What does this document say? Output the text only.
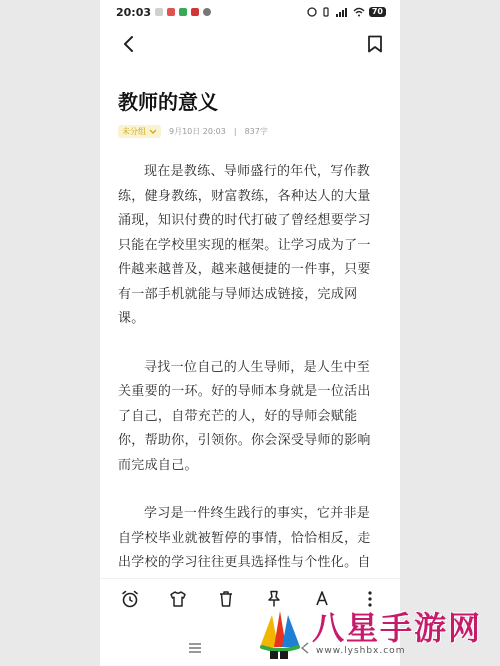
20:03	70
教师的意义
未分组	9月10日 20:03 | 837字

现在是教练、导师盛行的年代，写作教练，健身教练，财富教练，各种达人的大量涌现，知识付费的时代打破了曾经想要学习只能在学校里实现的框架。让学习成为了一件越来越普及，越来越便捷的一件事，只要有一部手机就能与导师达成链接，完成网课。

寻找一位自己的人生导师，是人生中至关重要的一环。好的导师本身就是一位活出了自己，自带充芒的人，好的导师会赋能你，帮助你，引领你。你会深受导师的影响而完成自己。

学习是一件终生践行的事实，它并非是自学校毕业就被暂停的事情，恰恰相反，走出学校的学习往往更具选择性与个性化。自

八星手游网
www.lyshbx.com
